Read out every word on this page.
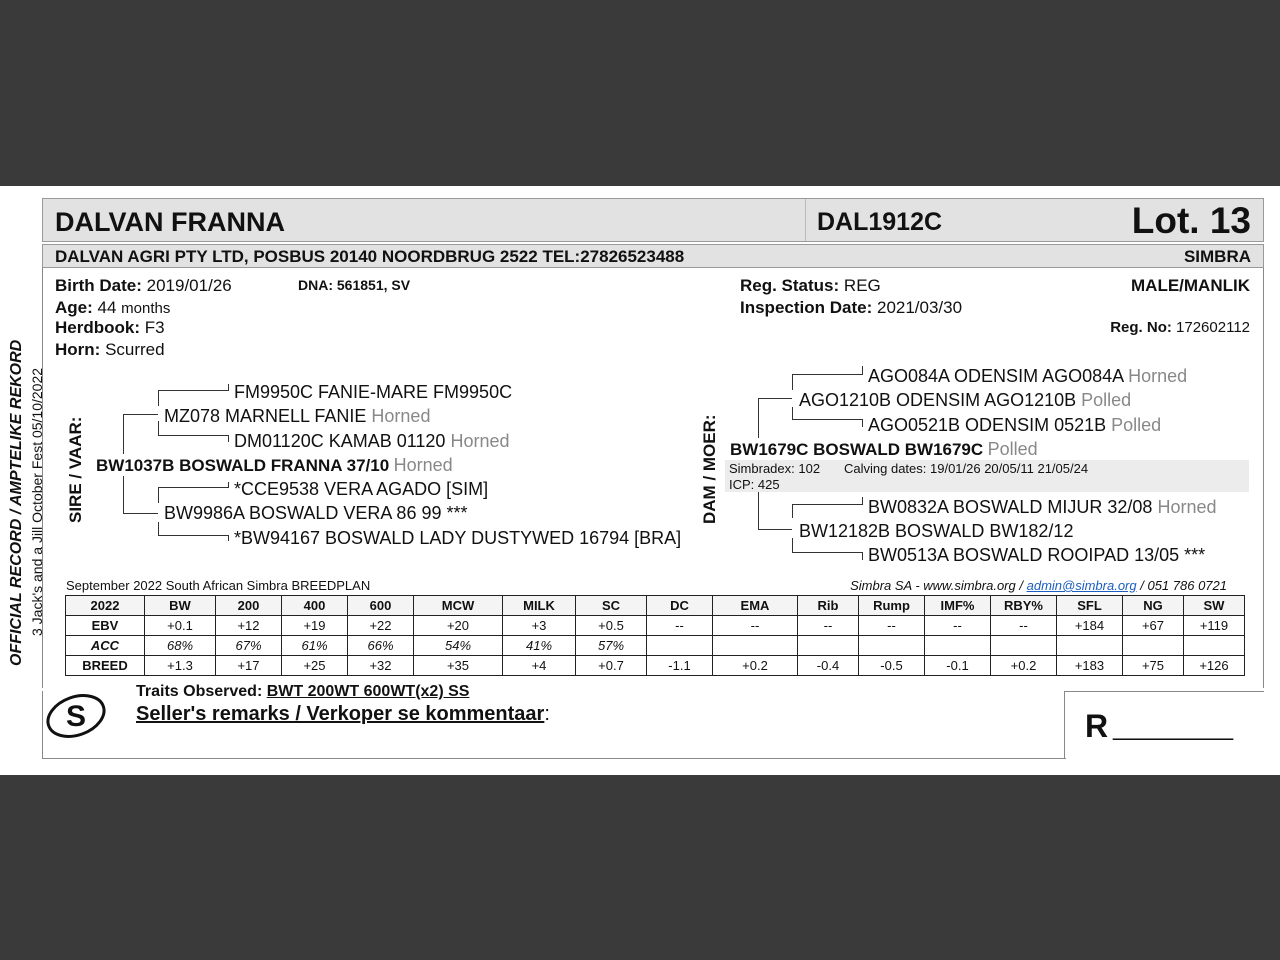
DALVAN FRANNA	DAL1912C	Lot. 13
DALVAN AGRI PTY LTD, POSBUS 20140 NOORDBRUG 2522 TEL:27826523488	SIMBRA
OFFICIAL RECORD / AMPTELIKE REKORD 3 Jack's and a Jill October Fest 05/10/2022
Birth Date: 2019/01/26	DNA: 561851, SV
Age: 44 months
Herdbook: F3
Horn: Scurred
Reg. Status: REG
Inspection Date: 2021/03/30
MALE/MANLIK
Reg. No: 172602112
SIRE / VAAR:
FM9950C FANIE-MARE FM9950C
MZ078 MARNELL FANIE Horned
DM01120C KAMAB 01120 Horned
BW1037B BOSWALD FRANNA 37/10 Horned
*CCE9538 VERA AGADO [SIM]
BW9986A BOSWALD VERA 86 99 ***
*BW94167 BOSWALD LADY DUSTYWED 16794 [BRA]
DAM / MOER:
AGO084A ODENSIM AGO084A Horned
AGO1210B ODENSIM AGO1210B Polled
AGO0521B ODENSIM 0521B Polled
BW1679C BOSWALD BW1679C Polled
Simbradex: 102 Calving dates: 19/01/26 20/05/11 21/05/24
ICP: 425
BW0832A BOSWALD MIJUR 32/08 Horned
BW12182B BOSWALD BW182/12
BW0513A BOSWALD ROOIPAD 13/05 ***
September 2022 South African Simbra BREEDPLAN	Simbra SA - www.simbra.org / admin@simbra.org / 051 786 0721
2022	BW	200	400	600	MCW	MILK	SC	DC	EMA	Rib	Rump	IMF%	RBY%	SFL	NG	SW
EBV	+0.1	+12	+19	+22	+20	+3	+0.5	--	--	--	--	--	--	+184	+67	+119
ACC	68%	67%	61%	66%	54%	41%	57%									
BREED	+1.3	+17	+25	+32	+35	+4	+0.7	-1.1	+0.2	-0.4	-0.5	-0.1	+0.2	+183	+75	+126
R _________
S
Traits Observed: BWT 200WT 600WT(x2) SS
Seller's remarks / Verkoper se kommentaar:
